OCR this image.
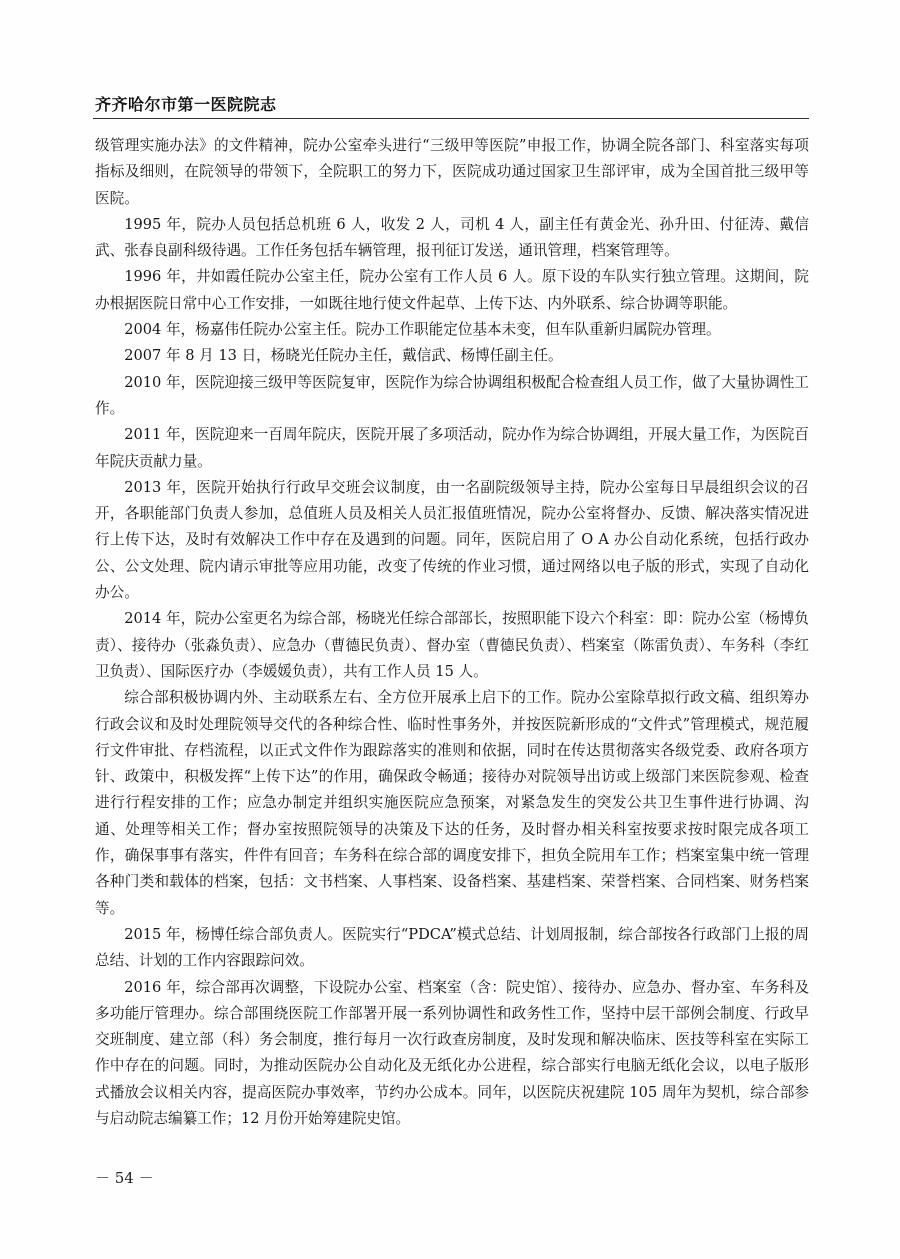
齐齐哈尔市第一医院院志

级管理实施办法》的文件精神，院办公室牵头进行“三级甲等医院”申报工作，协调全院各部门、科室落实每项指标及细则，在院领导的带领下，全院职工的努力下，医院成功通过国家卫生部评审，成为全国首批三级甲等医院。

1995 年，院办人员包括总机班 6 人，收发 2 人，司机 4 人，副主任有黄金光、孙升田、付征涛、戴信武、张春良副科级待遇。工作任务包括车辆管理，报刊征订发送，通讯管理，档案管理等。

1996 年，井如霞任院办公室主任，院办公室有工作人员 6 人。原下设的车队实行独立管理。这期间，院办根据医院日常中心工作安排，一如既往地行使文件起草、上传下达、内外联系、综合协调等职能。

2004 年，杨嘉伟任院办公室主任。院办工作职能定位基本未变，但车队重新归属院办管理。

2007 年 8 月 13 日，杨晓光任院办主任，戴信武、杨博任副主任。

2010 年，医院迎接三级甲等医院复审，医院作为综合协调组积极配合检查组人员工作，做了大量协调性工作。

2011 年，医院迎来一百周年院庆，医院开展了多项活动，院办作为综合协调组，开展大量工作，为医院百年院庆贡献力量。

2013 年，医院开始执行行政早交班会议制度，由一名副院级领导主持，院办公室每日早晨组织会议的召开，各职能部门负责人参加，总值班人员及相关人员汇报值班情况，院办公室将督办、反馈、解决落实情况进行上传下达，及时有效解决工作中存在及遇到的问题。同年，医院启用了 O A 办公自动化系统，包括行政办公、公文处理、院内请示审批等应用功能，改变了传统的作业习惯，通过网络以电子版的形式，实现了自动化办公。

2014 年，院办公室更名为综合部，杨晓光任综合部部长，按照职能下设六个科室：即：院办公室（杨博负责）、接待办（张淼负责）、应急办（曹德民负责）、督办室（曹德民负责）、档案室（陈雷负责）、车务科（李红卫负责）、国际医疗办（李媛媛负责），共有工作人员 15 人。

综合部积极协调内外、主动联系左右、全方位开展承上启下的工作。院办公室除草拟行政文稿、组织筹办行政会议和及时处理院领导交代的各种综合性、临时性事务外，并按医院新形成的“文件式”管理模式，规范履行文件审批、存档流程，以正式文件作为跟踪落实的准则和依据，同时在传达贯彻落实各级党委、政府各项方针、政策中，积极发挥“上传下达”的作用，确保政令畅通；接待办对院领导出访或上级部门来医院参观、检查进行行程安排的工作；应急办制定并组织实施医院应急预案，对紧急发生的突发公共卫生事件进行协调、沟通、处理等相关工作；督办室按照院领导的决策及下达的任务，及时督办相关科室按要求按时限完成各项工作，确保事事有落实，件件有回音；车务科在综合部的调度安排下，担负全院用车工作；档案室集中统一管理各种门类和载体的档案，包括：文书档案、人事档案、设备档案、基建档案、荣誉档案、合同档案、财务档案等。

2015 年，杨博任综合部负责人。医院实行“PDCA”模式总结、计划周报制，综合部按各行政部门上报的周总结、计划的工作内容跟踪问效。

2016 年，综合部再次调整，下设院办公室、档案室（含：院史馆）、接待办、应急办、督办室、车务科及多功能厅管理办。综合部围绕医院工作部署开展一系列协调性和政务性工作，坚持中层干部例会制度、行政早交班制度、建立部（科）务会制度，推行每月一次行政查房制度，及时发现和解决临床、医技等科室在实际工作中存在的问题。同时，为推动医院办公自动化及无纸化办公进程，综合部实行电脑无纸化会议，以电子版形式播放会议相关内容，提高医院办事效率，节约办公成本。同年，以医院庆祝建院 105 周年为契机，综合部参与启动院志编纂工作；12 月份开始筹建院史馆。

－ 54 －
